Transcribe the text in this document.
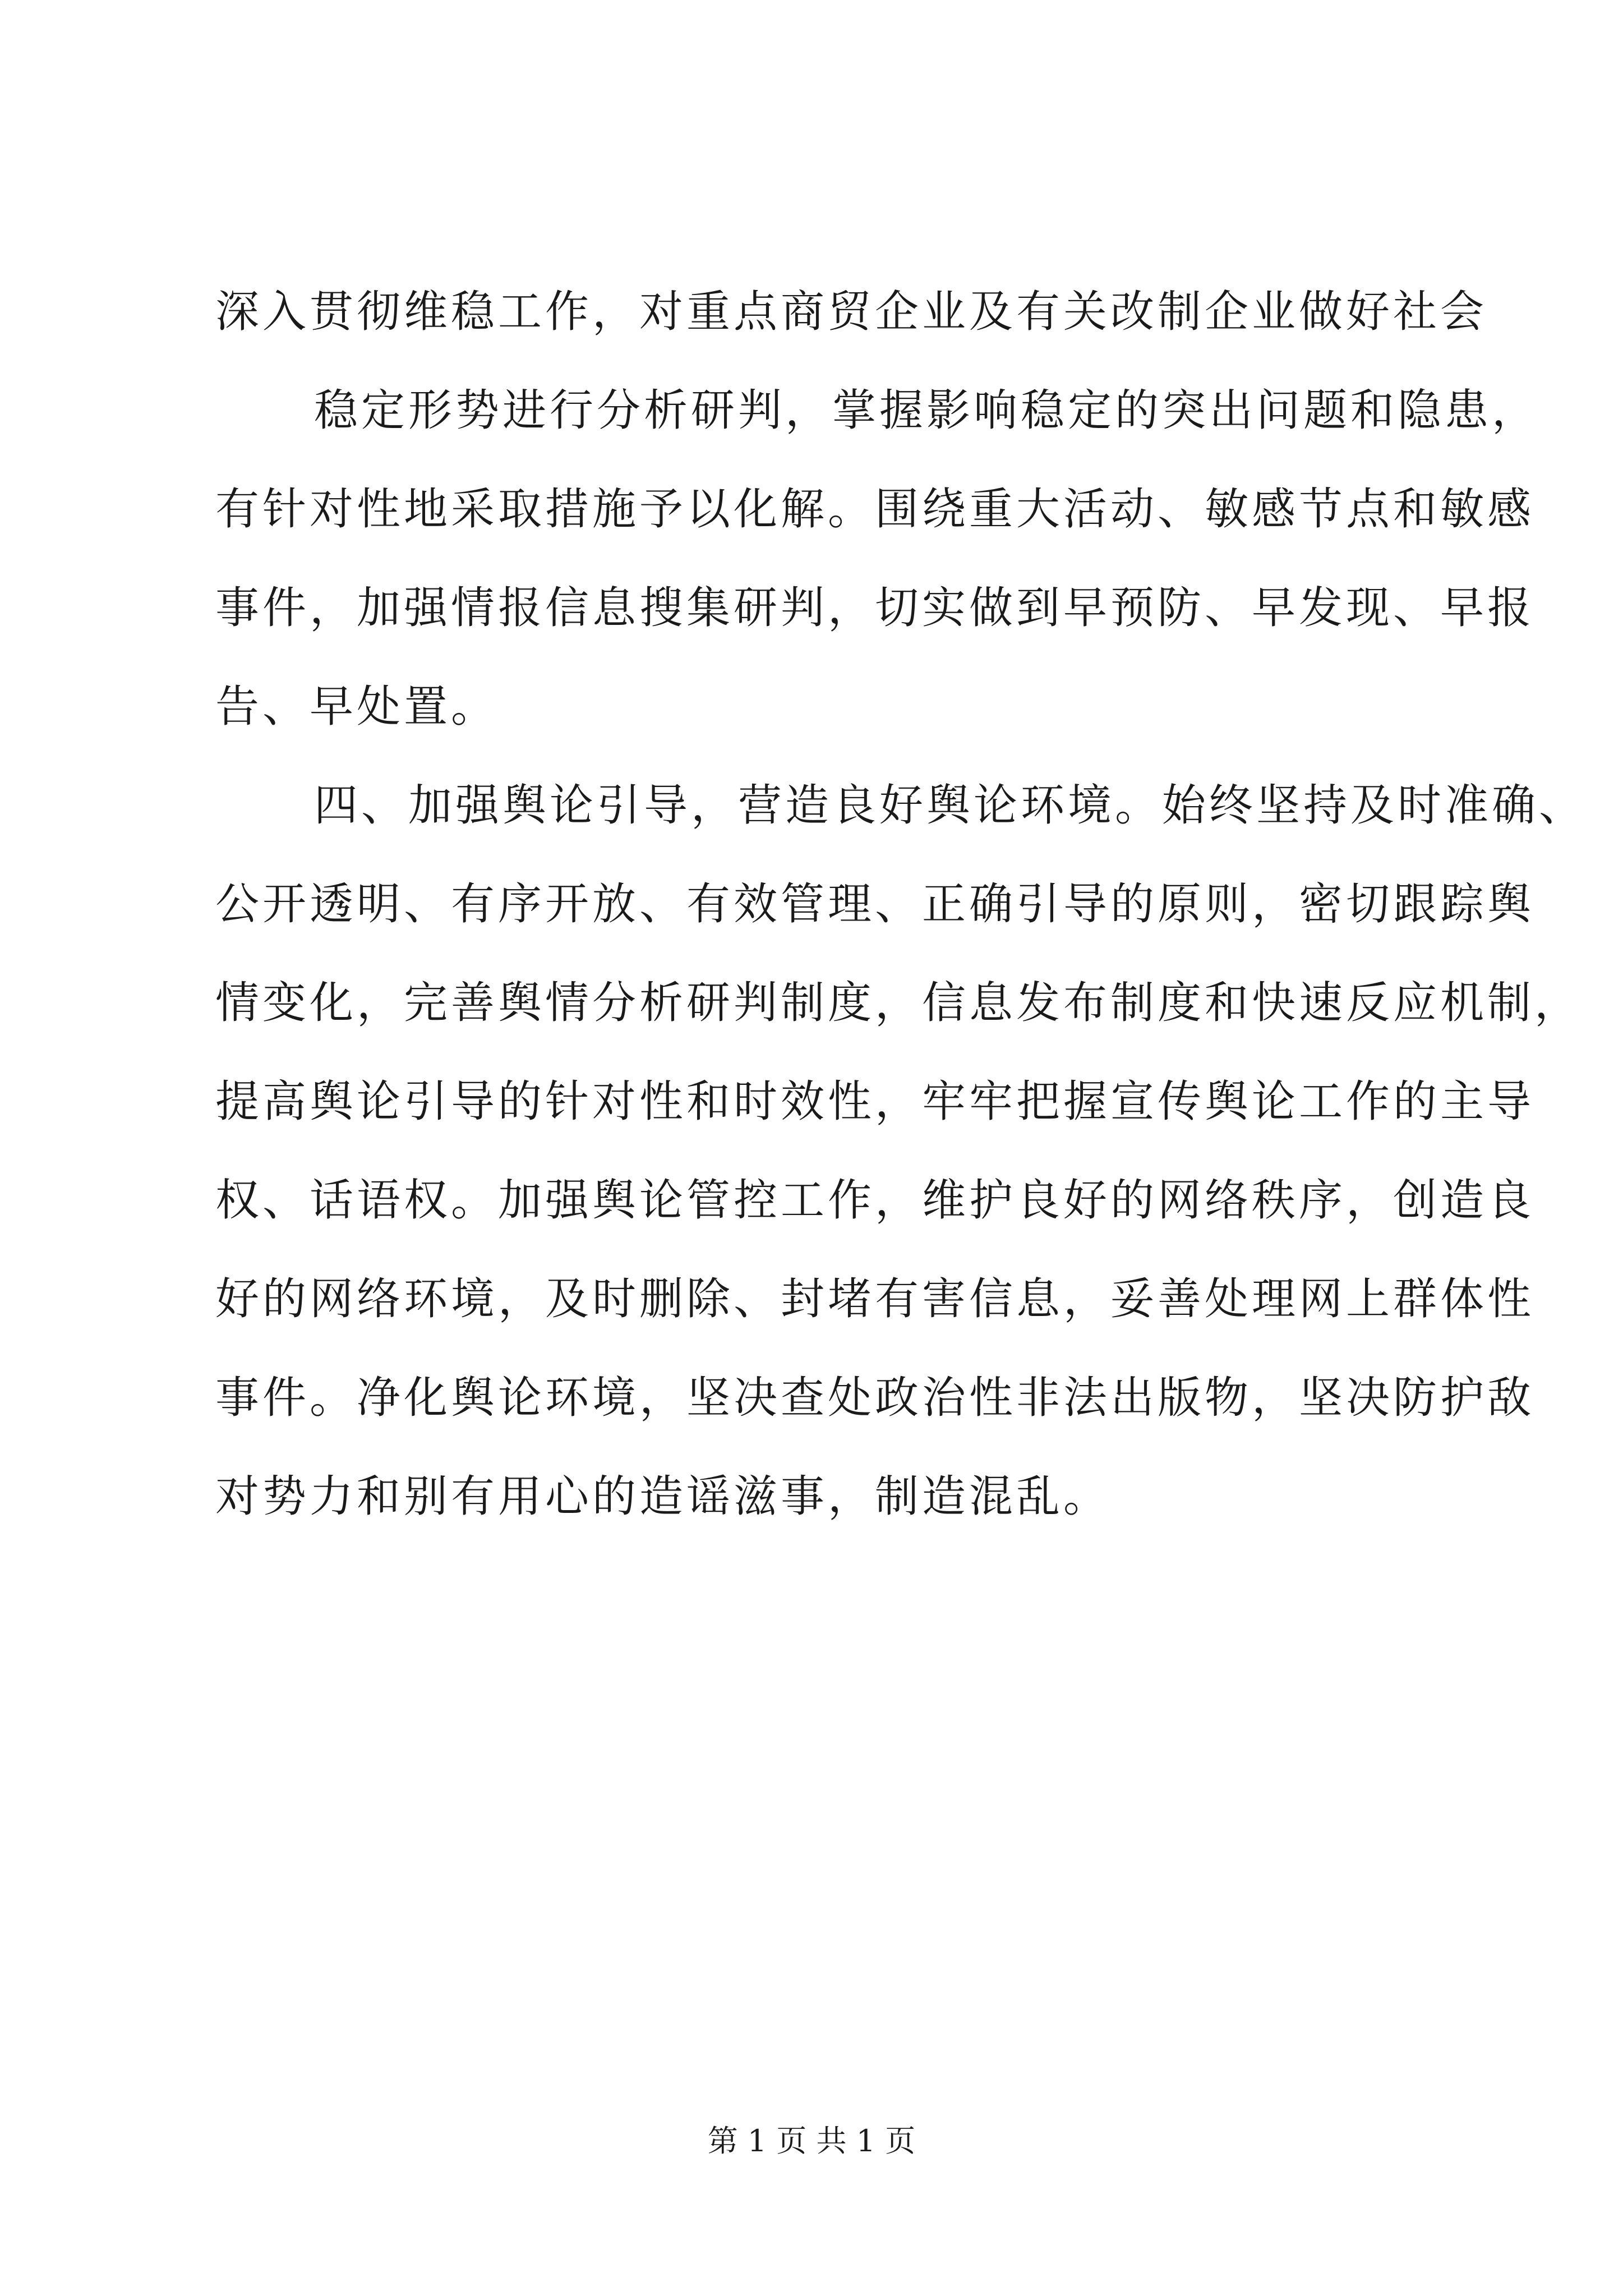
深入贯彻维稳工作，对重点商贸企业及有关改制企业做好社会
稳定形势进行分析研判，掌握影响稳定的突出问题和隐患，
有针对性地采取措施予以化解。围绕重大活动、敏感节点和敏感
事件，加强情报信息搜集研判，切实做到早预防、早发现、早报
告、早处置。
四、加强舆论引导，营造良好舆论环境。始终坚持及时准确、
公开透明、有序开放、有效管理、正确引导的原则，密切跟踪舆
情变化，完善舆情分析研判制度，信息发布制度和快速反应机制，
提高舆论引导的针对性和时效性，牢牢把握宣传舆论工作的主导
权、话语权。加强舆论管控工作，维护良好的网络秩序，创造良
好的网络环境，及时删除、封堵有害信息，妥善处理网上群体性
事件。净化舆论环境，坚决查处政治性非法出版物，坚决防护敌
对势力和别有用心的造谣滋事，制造混乱。
第 1 页 共 1 页
